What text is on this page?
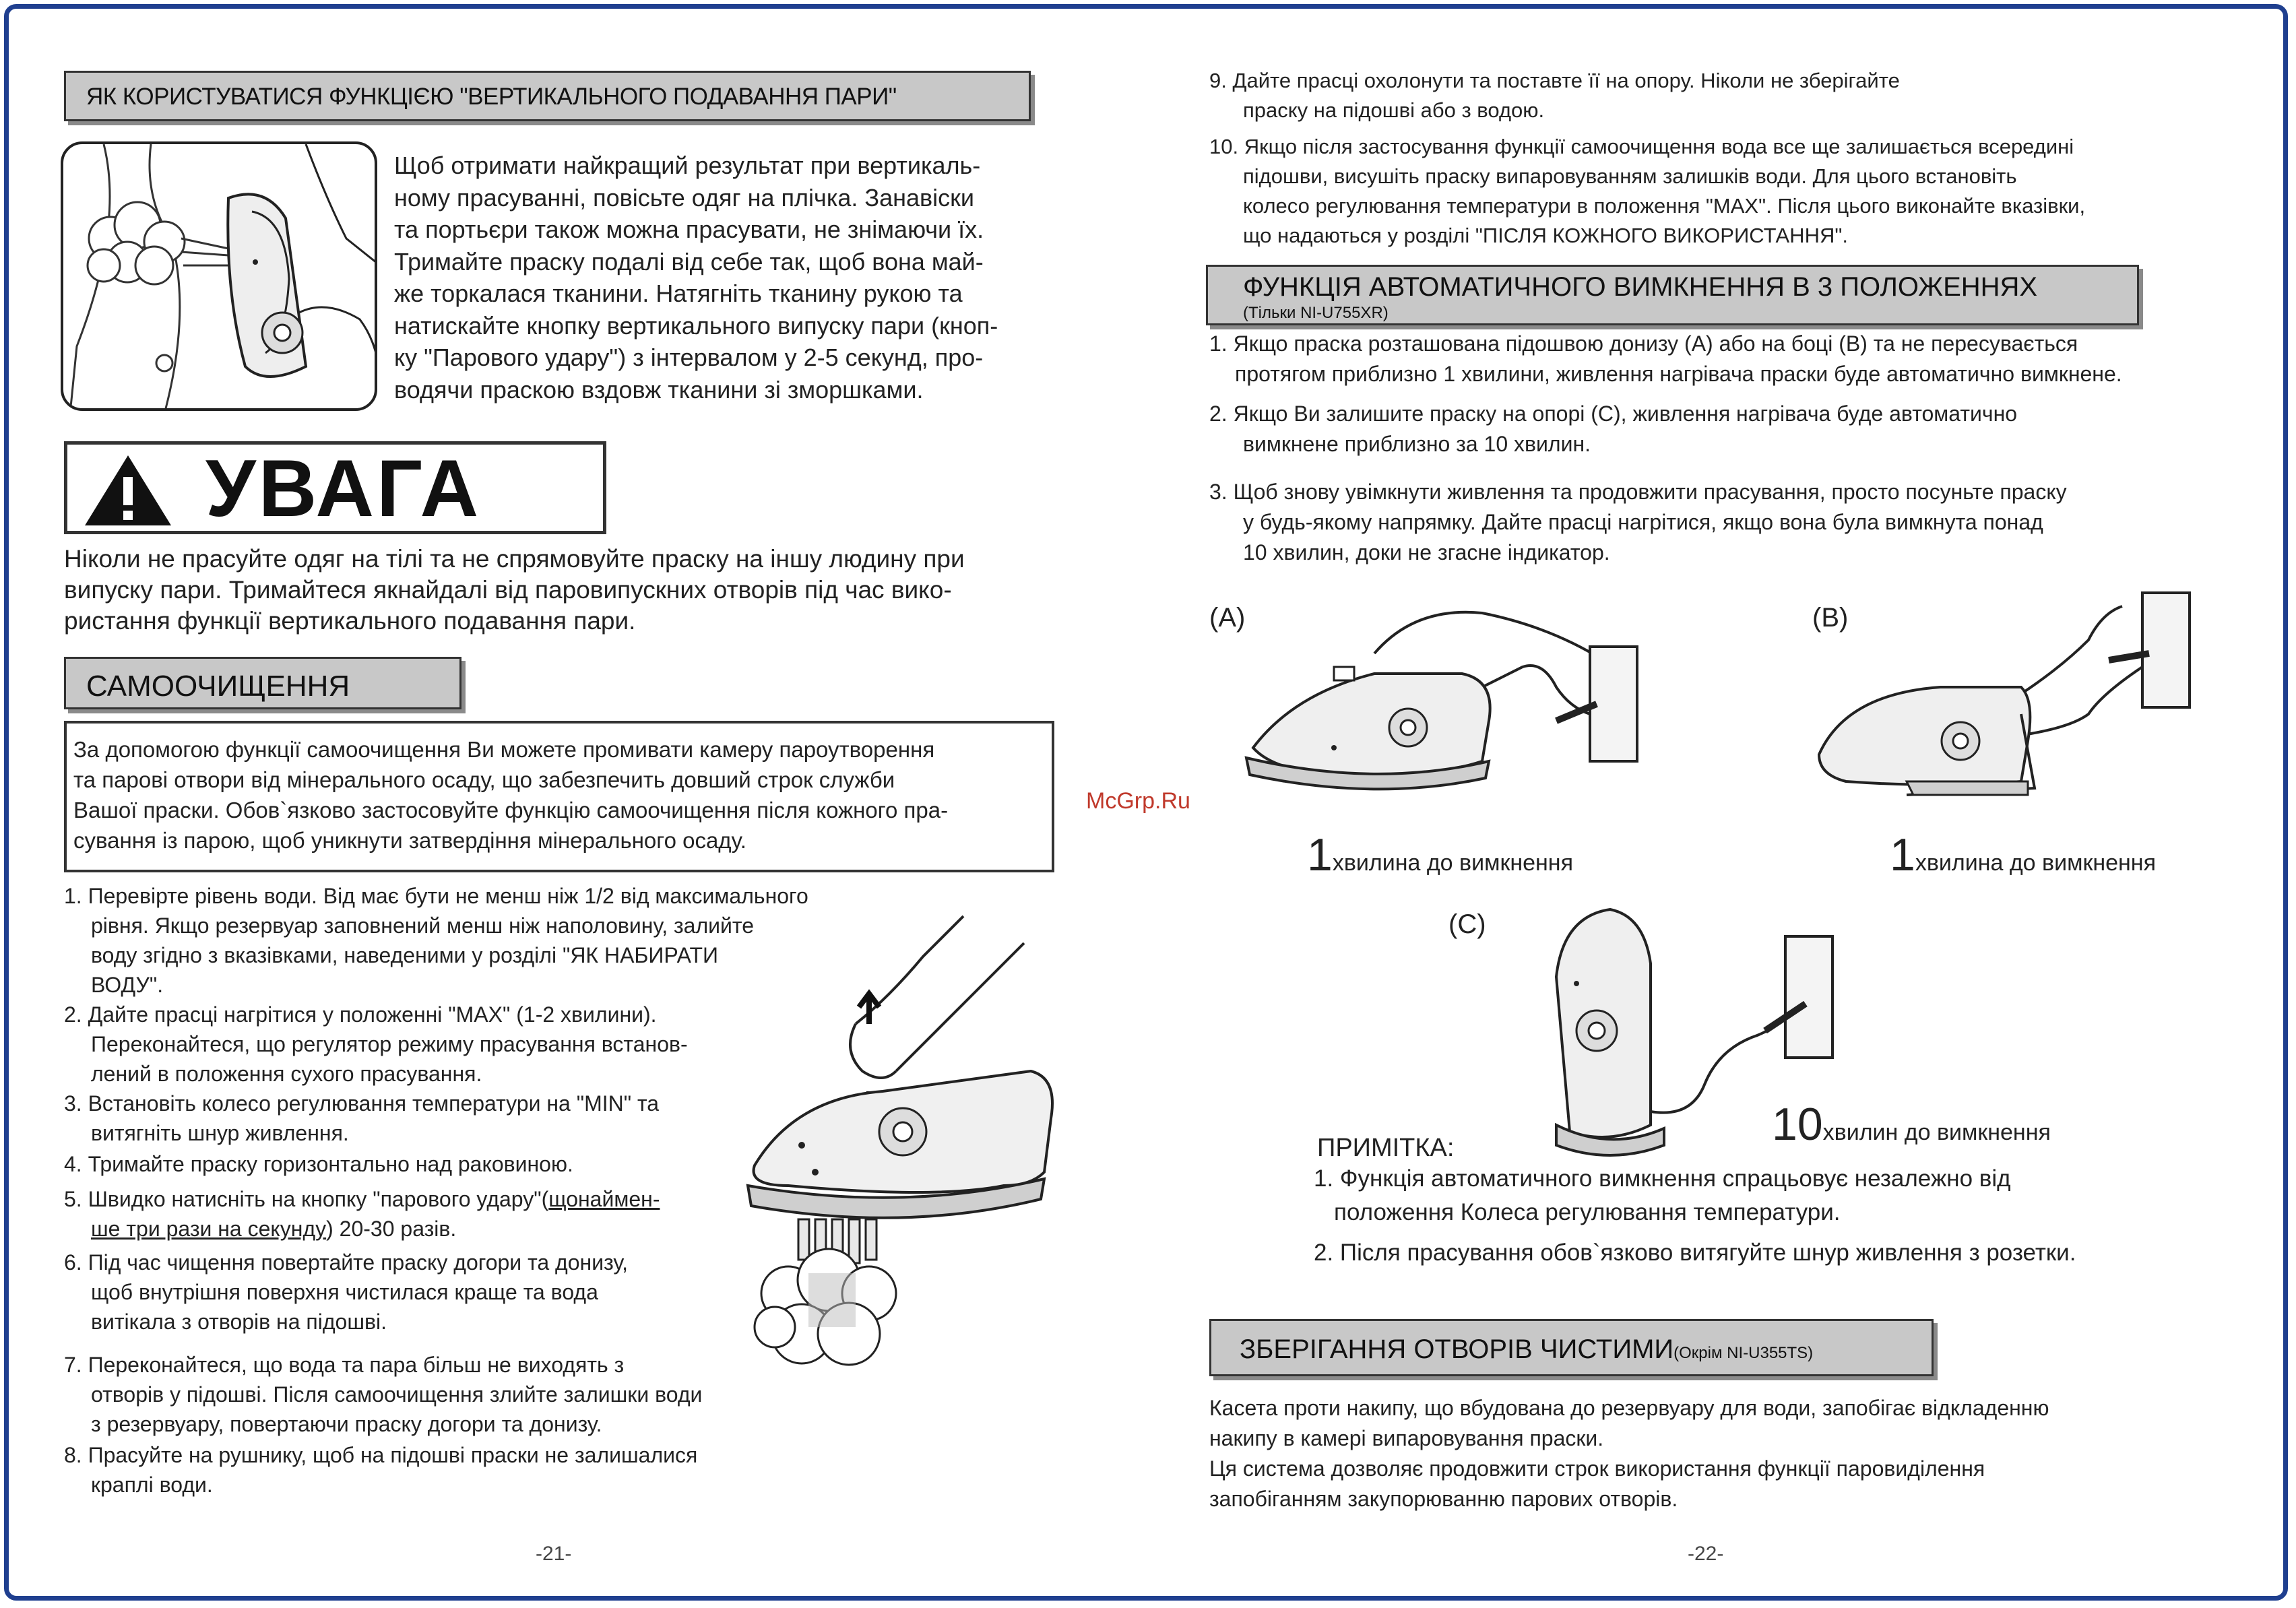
ЯК КОРИСТУВАТИСЯ ФУНКЦІЄЮ "ВЕРТИКАЛЬНОГО ПОДАВАННЯ ПАРИ"
Щоб отримати найкращий результат при вертикаль-
ному прасуванні, повісьте одяг на плічка. Занавіски
та портьєри також можна прасувати, не знімаючи їх.
Тримайте праску подалі від себе так, щоб вона май-
же торкалася тканини. Натягніть тканину рукою та
натискайте кнопку вертикального випуску пари (кноп-
ку "Парового удару") з інтервалом у 2-5 секунд, про-
водячи праскою вздовж тканини зі зморшками.
УВАГА
Ніколи не прасуйте одяг на тілі та не спрямовуйте праску на іншу людину при
випуску пари. Тримайтеся якнайдалі від паровипускних отворів під час вико-
ристання функції вертикального подавання пари.
САМООЧИЩЕННЯ
За допомогою функції самоочищення Ви можете промивати камеру пароутворення
та парові отвори від мінерального осаду, що забезпечить довший строк служби
Вашої праски. Обов`язково застосовуйте функцію самоочищення після кожного пра-
сування із парою, щоб уникнути затвердіння мінерального осаду.
1. Перевірте рівень води. Від має бути не менш ніж 1/2 від максимального
рівня. Якщо резервуар заповнений менш ніж наполовину, залийте
воду згідно з вказівками, наведеними у розділі "ЯК НАБИРАТИ
ВОДУ".
2. Дайте прасці нагрітися у положенні "MAX" (1-2 хвилини).
Переконайтеся, що регулятор режиму прасування встанов-
лений в положення сухого прасування.
3. Встановіть колесо регулювання температури на "MIN" та
витягніть шнур живлення.
4. Тримайте праску горизонтально над раковиною.
5. Швидко натисніть на кнопку "парового удару"(щонаймен-
ше три рази на секунду) 20-30 разів.
6. Під час чищення повертайте праску догори та донизу,
щоб внутрішня поверхня чистилася краще та вода
витікала з отворів на підошві.
7. Переконайтеся, що вода та пара більш не виходять з
отворів у підошві. Після самоочищення злийте залишки води
з резервуару, повертаючи праску догори та донизу.
8. Прасуйте на рушнику, щоб на підошві праски не залишалися
краплі води.
-21-
9. Дайте прасці охолонути та поставте її на опору. Ніколи не зберігайте
праску на підошві або з водою.
10. Якщо після застосування функції самоочищення вода все ще залишається всередині
підошви, висушіть праску випаровуванням залишків води. Для цього встановіть
колесо регулювання температури в положення "MAX". Після цього виконайте вказівки,
що надаються у розділі "ПІСЛЯ КОЖНОГО ВИКОРИСТАННЯ".
ФУНКЦІЯ АВТОМАТИЧНОГО ВИМКНЕННЯ В 3 ПОЛОЖЕННЯХ
(Тільки NI-U755XR)
1. Якщо праска розташована підошвою донизу (A) або на боці (B) та не пересувається
протягом приблизно 1 хвилини, живлення нагрівача праски буде автоматично вимкнене.
2. Якщо Ви залишите праску на опорі (C), живлення нагрівача буде автоматично
вимкнене приблизно за 10 хвилин.
3. Щоб знову увімкнути живлення та продовжити прасування, просто посуньте праску
у будь-якому напрямку. Дайте прасці нагрітися, якщо вона була вимкнута понад
10 хвилин, доки не згасне індикатор.
(A)
1хвилина до вимкнення
(B)
1хвилина до вимкнення
McGrp.Ru
(C)
10хвилин до вимкнення
ПРИМІТКА:
1. Функція автоматичного вимкнення спрацьовує незалежно від
положення Колеса регулювання температури.
2. Після прасування обов`язково витягуйте шнур живлення з розетки.
ЗБЕРІГАННЯ ОТВОРІВ ЧИСТИМИ(Окрім NI-U355TS)
Касета проти накипу, що вбудована до резервуару для води, запобігає відкладенню
накипу в камері випаровування праски.
Ця система дозволяє продовжити строк використання функції паровиділення
запобіганням закупорюванню парових отворів.
-22-
